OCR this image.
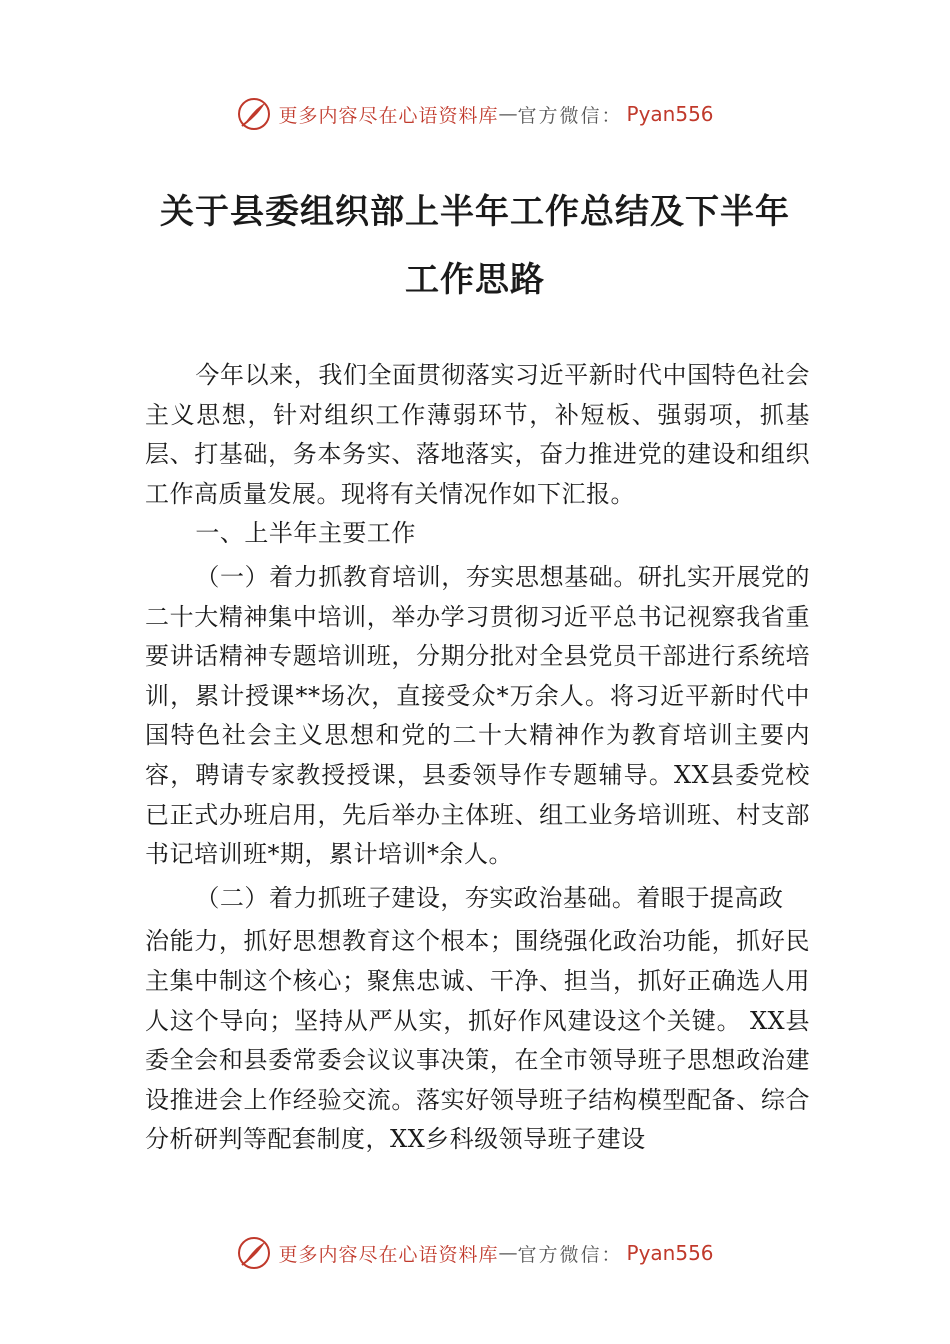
更多内容尽在心语资料库 — 官方微信 ： Pyan556
关于县委组织部上半年工作总结及下半年
工作思路

今年以来，我们全面贯彻落实习近平新时代中国特色社会主义思想，针对组织工作薄弱环节，补短板、强弱项，抓基层、打基础，务本务实、落地落实，奋力推进党的建设和组织工作高质量发展。现将有关情况作如下汇报。

一、上半年主要工作

（一）着力抓教育培训，夯实思想基础。研扎实开展党的二十大精神集中培训，举办学习贯彻习近平总书记视察我省重要讲话精神专题培训班，分期分批对全县党员干部进行系统培训，累计授课**场次，直接受众*万余人。将习近平新时代中国特色社会主义思想和党的二十大精神作为教育培训主要内容，聘请专家教授授课，县委领导作专题辅导。XX县委党校已正式办班启用，先后举办主体班、组工业务培训班、村支部书记培训班*期，累计培训*余人。

（二）着力抓班子建设，夯实政治基础。着眼于提高政

治能力，抓好思想教育这个根本；围绕强化政治功能，抓好民主集中制这个核心；聚焦忠诚、干净、担当，抓好正确选人用人这个导向；坚持从严从实，抓好作风建设这个关键。 XX县委全会和县委常委会议议事决策，在全市领导班子思想政治建设推进会上作经验交流。落实好领导班子结构模型配备、综合分析研判等配套制度，XX乡科级领导班子建设

更多内容尽在心语资料库 — 官方微信 ： Pyan556
